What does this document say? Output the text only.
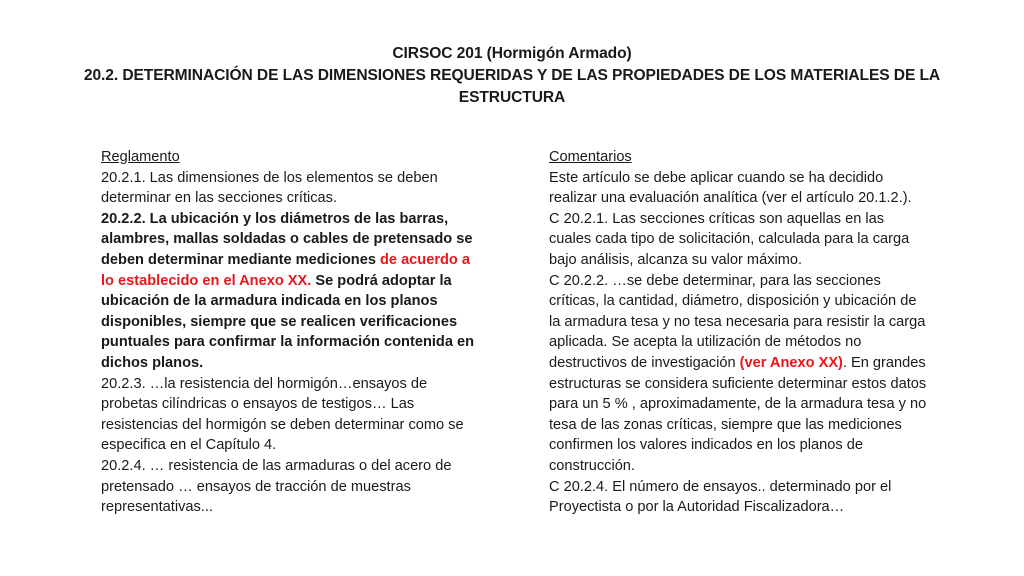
CIRSOC 201 (Hormigón Armado)
20.2. DETERMINACIÓN DE LAS DIMENSIONES REQUERIDAS Y DE LAS PROPIEDADES DE LOS MATERIALES DE LA ESTRUCTURA

Reglamento

20.2.1. Las dimensiones de los elementos se deben determinar en las secciones críticas.

20.2.2. La ubicación y los diámetros de las barras, alambres, mallas soldadas o cables de pretensado se deben determinar mediante mediciones de acuerdo a lo establecido en el Anexo XX. Se podrá adoptar la ubicación de la armadura indicada en los planos disponibles, siempre que se realicen verificaciones puntuales para confirmar la información contenida en dichos planos.

20.2.3. …la resistencia del hormigón…ensayos de probetas cilíndricas o ensayos de testigos… Las resistencias del hormigón se deben determinar como se especifica en el Capítulo 4.

20.2.4. … resistencia de las armaduras o del acero de pretensado … ensayos de tracción de muestras representativas...

Comentarios

Este artículo se debe aplicar cuando se ha decidido realizar una evaluación analítica (ver el artículo 20.1.2.).

C 20.2.1. Las secciones críticas son aquellas en las cuales cada tipo de solicitación, calculada para la carga bajo análisis, alcanza su valor máximo.

C 20.2.2. …se debe determinar, para las secciones críticas, la cantidad, diámetro, disposición y ubicación de la armadura tesa y no tesa necesaria para resistir la carga aplicada. Se acepta la utilización de métodos no destructivos de investigación (ver Anexo XX). En grandes estructuras se considera suficiente determinar estos datos para un 5 % , aproximadamente, de la armadura tesa y no tesa de las zonas críticas, siempre que las mediciones confirmen los valores indicados en los planos de construcción.

C 20.2.4. El número de ensayos.. determinado por el Proyectista o por la Autoridad Fiscalizadora…
